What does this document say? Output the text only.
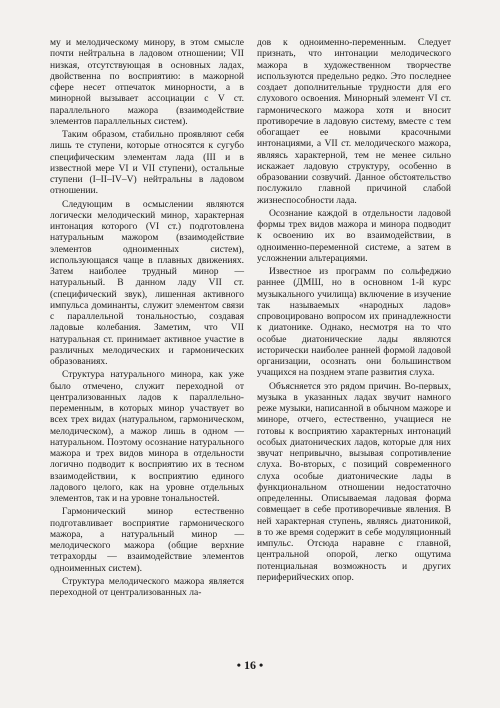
му и мелодическому минору, в этом смысле почти нейтральна в ладовом отношении; VII низкая, отсутствующая в основных ладах, двойственна по восприятию: в мажорной сфере несет отпечаток минорности, а в минорной вызывает ассоциации с V ст. параллельного мажора (взаимодействие элементов параллельных систем).

Таким образом, стабильно проявляют себя лишь те ступени, которые относятся к сугубо специфическим элементам лада (III и в известной мере VI и VII ступени), остальные ступени (I–II–IV–V) нейтральны в ладовом отношении.

Следующим в осмыслении являются логически мелодический минор, характерная интонация которого (VI ст.) подготовлена натуральным мажором (взаимодействие элементов одноименных систем), использующаяся чаще в плавных движениях. Затем наиболее трудный минор — натуральный. В данном ладу VII ст. (специфический звук), лишенная активного импульса доминанты, служит элементом связи с параллельной тональностью, создавая ладовые колебания. Заметим, что VII натуральная ст. принимает активное участие в различных мелодических и гармонических образованиях.

Структура натурального минора, как уже было отмечено, служит переходной от централизованных ладов к параллельно-переменным, в которых минор участвует во всех трех видах (натуральном, гармоническом, мелодическом), а мажор лишь в одном — натуральном. Поэтому осознание натурального мажора и трех видов минора в отдельности логично подводит к восприятию их в тесном взаимодействии, к восприятию единого ладового целого, как на уровне отдельных элементов, так и на уровне тональностей.

Гармонический минор естественно подготавливает восприятие гармонического мажора, а натуральный минор — мелодического мажора (общие верхние тетрахорды — взаимодействие элементов одноименных систем).

Структура мелодического мажора является переходной от централизованных ла-

дов к одноименно-переменным. Следует признать, что интонации мелодического мажора в художественном творчестве используются предельно редко. Это последнее создает дополнительные трудности для его слухового освоения. Минорный элемент VI ст. гармонического мажора хотя и вносит противоречие в ладовую систему, вместе с тем обогащает ее новыми красочными интонациями, а VII ст. мелодического мажора, являясь характерной, тем не менее сильно искажает ладовую структуру, особенно в образовании созвучий. Данное обстоятельство послужило главной причиной слабой жизнеспособности лада.

Осознание каждой в отдельности ладовой формы трех видов мажора и минора подводит к освоению их во взаимодействии, в одноименно-переменной системе, а затем в усложнении альтерациями.

Известное из программ по сольфеджио раннее (ДМШ, но в основном 1-й курс музыкального училища) включение в изучение так называемых «народных ладов» спровоцировано вопросом их принадлежности к диатонике. Однако, несмотря на то что особые диатонические лады являются исторически наиболее ранней формой ладовой организации, осознать они большинством учащихся на позднем этапе развития слуха.

Объясняется это рядом причин. Во-первых, музыка в указанных ладах звучит намного реже музыки, написанной в обычном мажоре и миноре, отчего, естественно, учащиеся не готовы к восприятию характерных интонаций особых диатонических ладов, которые для них звучат непривычно, вызывая сопротивление слуха. Во-вторых, с позиций современного слуха особые диатонические лады в функциональном отношении недостаточно определенны. Описываемая ладовая форма совмещает в себе противоречивые явления. В ней характерная ступень, являясь диатоникой, в то же время содержит в себе модуляционный импульс. Отсюда наравне с главной, центральной опорой, легко ощутима потенциальная возможность и других периферийческих опор.

• 16 •
